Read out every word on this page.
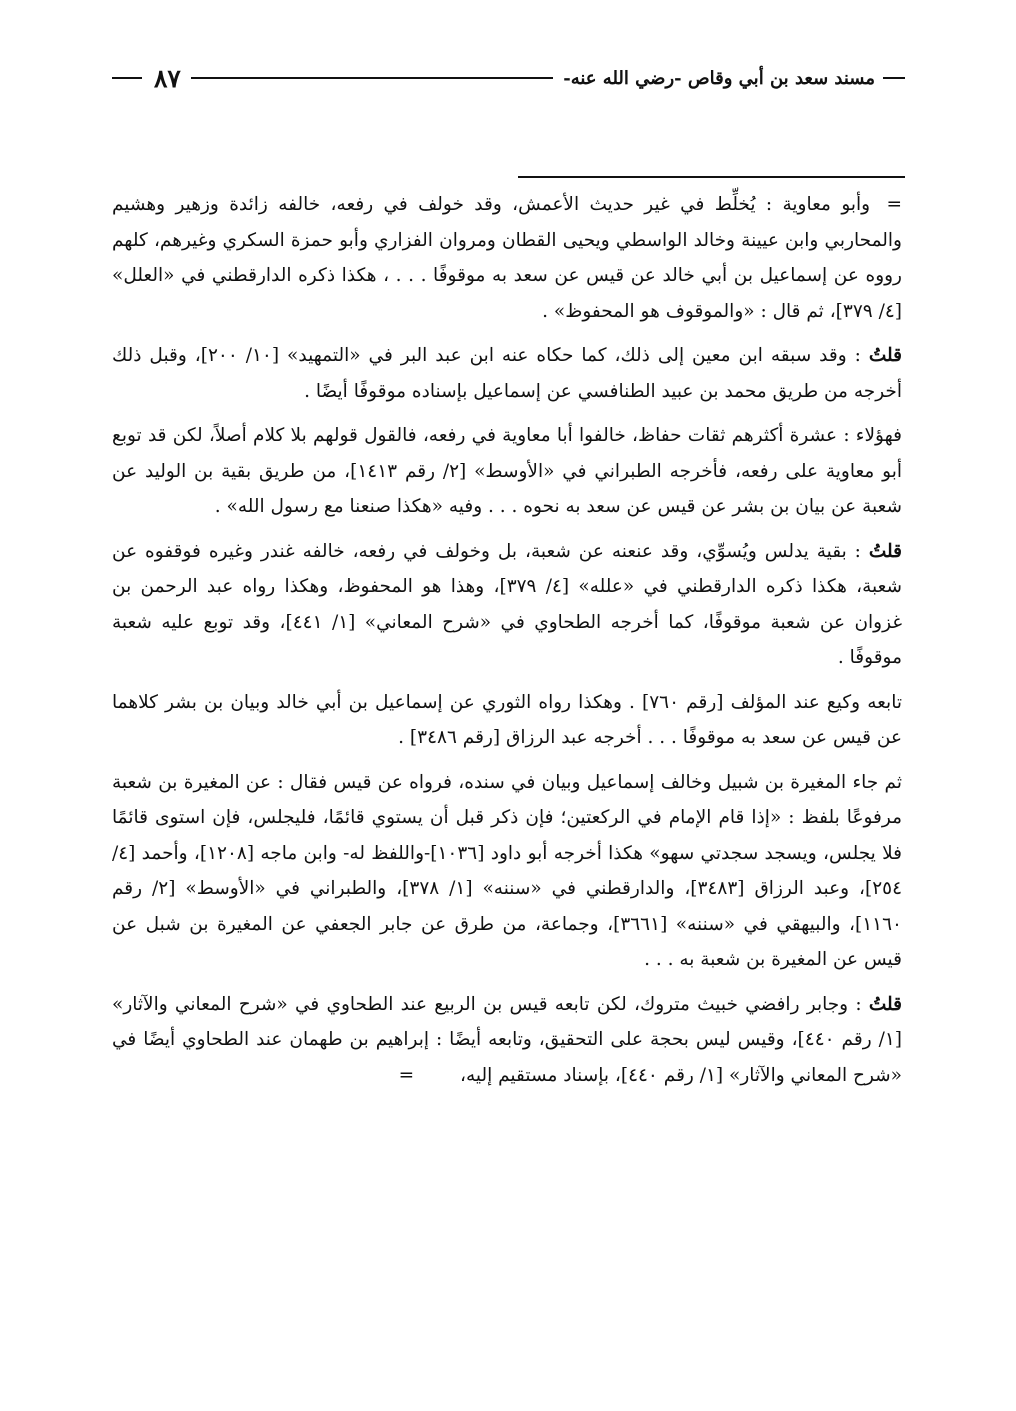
مسند سعد بن أبي وقاص -رضي الله عنه-
٨٧

= وأبو معاوية : يُخلِّط في غير حديث الأعمش، وقد خولف في رفعه، خالفه زائدة وزهير وهشيم والمحاربي وابن عيينة وخالد الواسطي ويحيى القطان ومروان الفزاري وأبو حمزة السكري وغيرهم، كلهم رووه عن إسماعيل بن أبي خالد عن قيس عن سعد به موقوفًا . . . ، هكذا ذكره الدارقطني في «العلل» [٤/ ٣٧٩]، ثم قال : «والموقوف هو المحفوظ» .

قلتُ : وقد سبقه ابن معين إلى ذلك، كما حكاه عنه ابن عبد البر في «التمهيد» [١٠/ ٢٠٠]، وقبل ذلك أخرجه من طريق محمد بن عبيد الطنافسي عن إسماعيل بإسناده موقوفًا أيضًا .

فهؤلاء : عشرة أكثرهم ثقات حفاظ، خالفوا أبا معاوية في رفعه، فالقول قولهم بلا كلام أصلاً، لكن قد توبع أبو معاوية على رفعه، فأخرجه الطبراني في «الأوسط» [٢/ رقم ١٤١٣]، من طريق بقية بن الوليد عن شعبة عن بيان بن بشر عن قيس عن سعد به نحوه . . . وفيه «هكذا صنعنا مع رسول الله» .

قلتُ : بقية يدلس ويُسوِّي، وقد عنعنه عن شعبة، بل وخولف في رفعه، خالفه غندر وغيره فوقفوه عن شعبة، هكذا ذكره الدارقطني في «علله» [٤/ ٣٧٩]، وهذا هو المحفوظ، وهكذا رواه عبد الرحمن بن غزوان عن شعبة موقوفًا، كما أخرجه الطحاوي في «شرح المعاني» [١/ ٤٤١]، وقد توبع عليه شعبة موقوفًا .

تابعه وكيع عند المؤلف [رقم ٧٦٠] . وهكذا رواه الثوري عن إسماعيل بن أبي خالد وبيان بن بشر كلاهما عن قيس عن سعد به موقوفًا . . . أخرجه عبد الرزاق [رقم ٣٤٨٦] .

ثم جاء المغيرة بن شبيل وخالف إسماعيل وبيان في سنده، فرواه عن قيس فقال : عن المغيرة بن شعبة مرفوعًا بلفظ : «إذا قام الإمام في الركعتين؛ فإن ذكر قبل أن يستوي قائمًا، فليجلس، فإن استوى قائمًا فلا يجلس، ويسجد سجدتي سهو» هكذا أخرجه أبو داود [١٠٣٦]-واللفظ له- وابن ماجه [١٢٠٨]، وأحمد [٤/ ٢٥٤]، وعبد الرزاق [٣٤٨٣]، والدارقطني في «سننه» [١/ ٣٧٨]، والطبراني في «الأوسط» [٢/ رقم ١١٦٠]، والبيهقي في «سننه» [٣٦٦١]، وجماعة، من طرق عن جابر الجعفي عن المغيرة بن شبل عن قيس عن المغيرة بن شعبة به . . .

قلتُ : وجابر رافضي خبيث متروك، لكن تابعه قيس بن الربيع عند الطحاوي في «شرح المعاني والآثار» [١/ رقم ٤٤٠]، وقيس ليس بحجة على التحقيق، وتابعه أيضًا : إبراهيم بن طهمان عند الطحاوي أيضًا في «شرح المعاني والآثار» [١/ رقم ٤٤٠]، بإسناد مستقيم إليه، =
